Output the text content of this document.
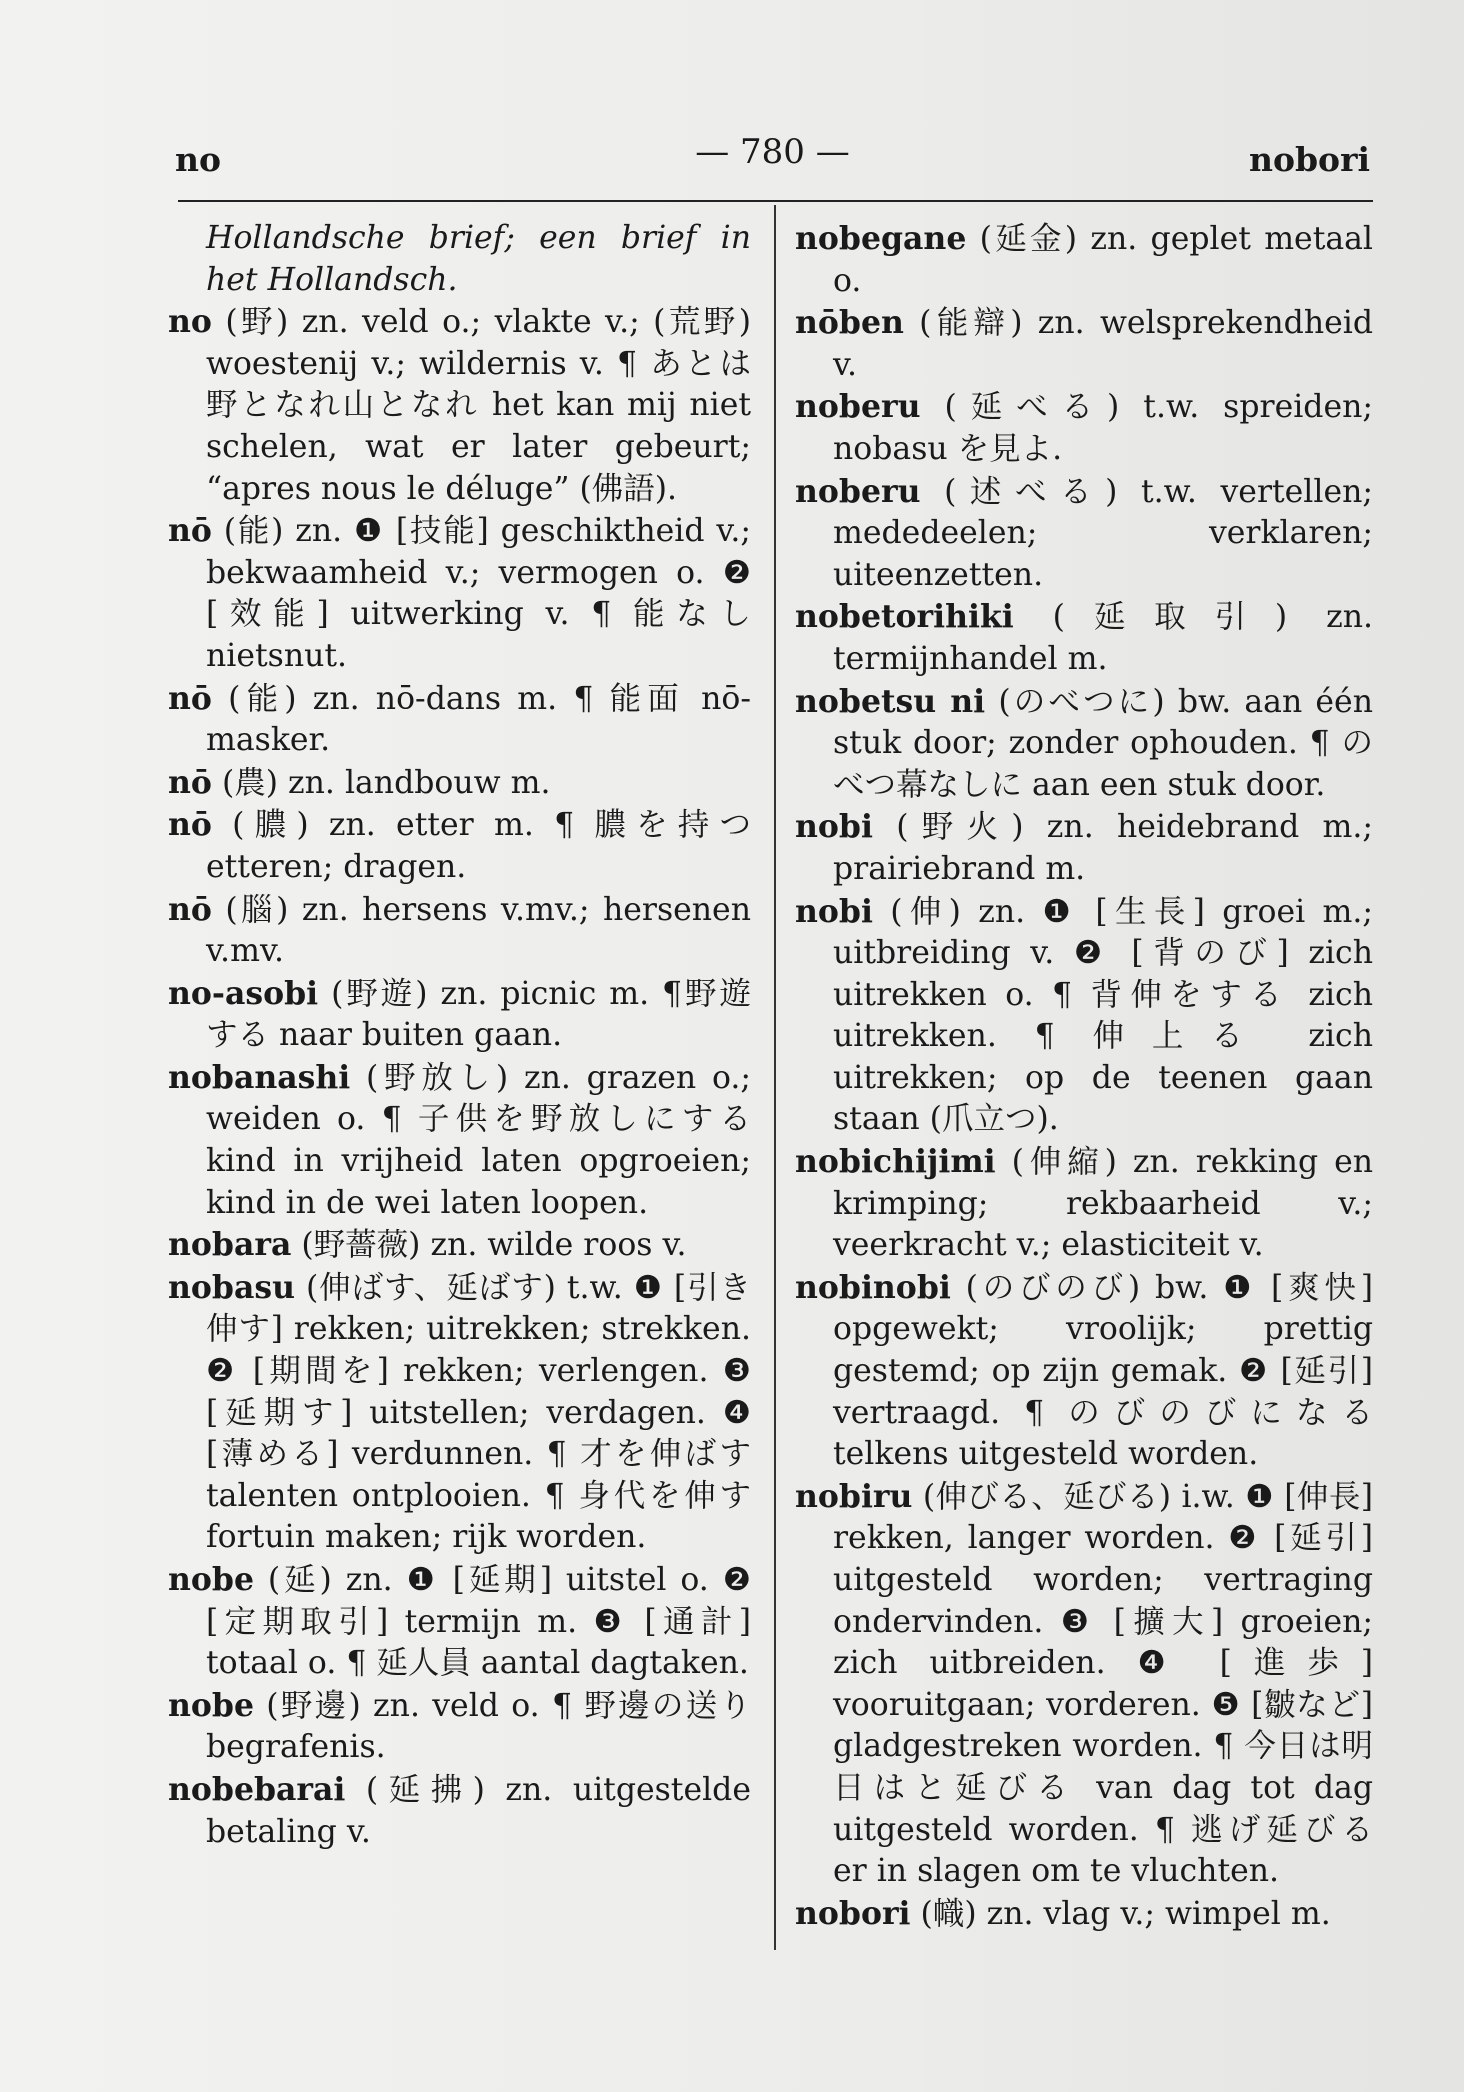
no	— 780 —	nobori

Hollandsche brief; een brief in het Hollandsch.

no (野) zn. veld o.; vlakte v.; (荒野) woestenij v.; wildernis v. ¶ あとは野となれ山となれ het kan mij niet schelen, wat er later gebeurt; “apres nous le déluge” (佛語).

nō (能) zn. ❶ [技能] geschiktheid v.; bekwaamheid v.; vermogen o. ❷ [效能] uitwerking v. ¶ 能なし nietsnut.

nō (能) zn. nō-dans m. ¶ 能面 nō-masker.

nō (農) zn. landbouw m.

nō (膿) zn. etter m. ¶ 膿を持つ etteren; dragen.

nō (腦) zn. hersens v.mv.; hersenen v.mv.

no-asobi (野遊) zn. picnic m. ¶野遊する naar buiten gaan.

nobanashi (野放し) zn. grazen o.; weiden o. ¶ 子供を野放しにする kind in vrijheid laten opgroeien; kind in de wei laten loopen.

nobara (野薔薇) zn. wilde roos v.

nobasu (伸ばす、延ばす) t.w. ❶ [引き伸す] rekken; uitrekken; strekken. ❷ [期間を] rekken; verlengen. ❸ [延期す] uitstellen; verdagen. ❹ [薄める] verdunnen. ¶ 才を伸ばす talenten ontplooien. ¶ 身代を伸す fortuin maken; rijk worden.

nobe (延) zn. ❶ [延期] uitstel o. ❷ [定期取引] termijn m. ❸ [通計] totaal o. ¶ 延人員 aantal dagtaken.

nobe (野邊) zn. veld o. ¶ 野邊の送り begrafenis.

nobebarai (延拂) zn. uitgestelde betaling v.

nobegane (延金) zn. geplet metaal o.

nōben (能辯) zn. welsprekendheid v.

noberu (延べる) t.w. spreiden; nobasu を見よ.

noberu (述べる) t.w. vertellen; mededeelen; verklaren; uiteenzetten.

nobetorihiki (延取引) zn. termijnhandel m.

nobetsu ni (のべつに) bw. aan één stuk door; zonder ophouden. ¶ のべつ幕なしに aan een stuk door.

nobi (野火) zn. heidebrand m.; prairiebrand m.

nobi (伸) zn. ❶ [生長] groei m.; uitbreiding v. ❷ [背のび] zich uitrekken o. ¶ 背伸をする zich uitrekken. ¶ 伸上る zich uitrekken; op de teenen gaan staan (爪立つ).

nobichijimi (伸縮) zn. rekking en krimping; rekbaarheid v.; veerkracht v.; elasticiteit v.

nobinobi (のびのび) bw. ❶ [爽快] opgewekt; vroolijk; prettig gestemd; op zijn gemak. ❷ [延引] vertraagd. ¶ のびのびになる telkens uitgesteld worden.

nobiru (伸びる、延びる) i.w. ❶ [伸長] rekken, langer worden. ❷ [延引] uitgesteld worden; vertraging ondervinden. ❸ [擴大] groeien; zich uitbreiden. ❹ [進歩] vooruitgaan; vorderen. ❺ [皺など] gladgestreken worden. ¶ 今日は明日はと延びる van dag tot dag uitgesteld worden. ¶ 逃げ延びる er in slagen om te vluchten.

nobori (幟) zn. vlag v.; wimpel m.
